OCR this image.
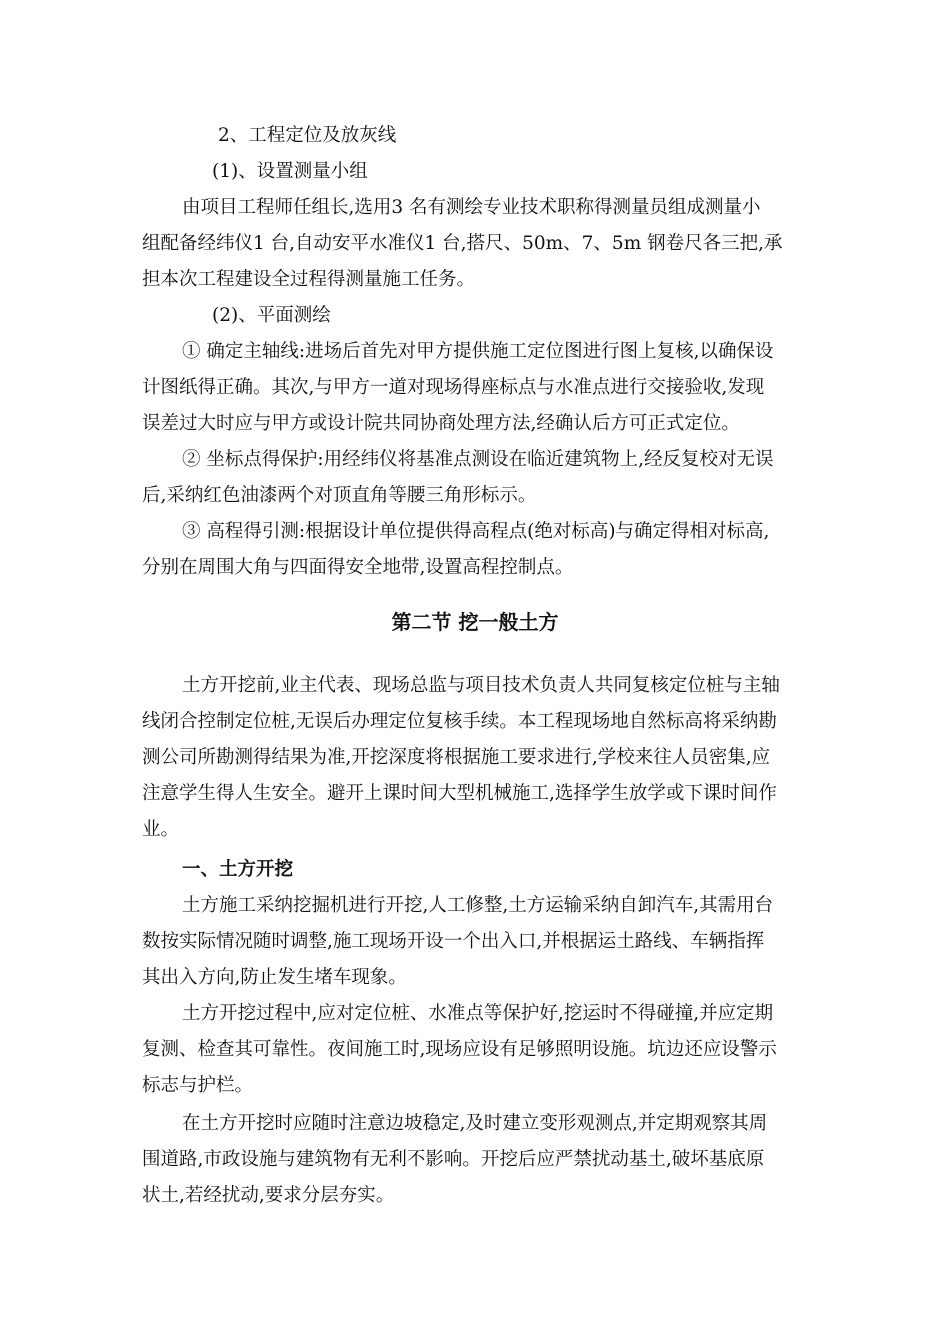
2、工程定位及放灰线
(1)、设置测量小组
由项目工程师任组长,选用3 名有测绘专业技术职称得测量员组成测量小
组配备经纬仪1 台,自动安平水准仪1 台,搭尺、50m、7、5m 钢卷尺各三把,承
担本次工程建设全过程得测量施工任务。
(2)、平面测绘
① 确定主轴线:进场后首先对甲方提供施工定位图进行图上复核,以确保设
计图纸得正确。其次,与甲方一道对现场得座标点与水准点进行交接验收,发现
误差过大时应与甲方或设计院共同协商处理方法,经确认后方可正式定位。
② 坐标点得保护:用经纬仪将基准点测设在临近建筑物上,经反复校对无误
后,采纳红色油漆两个对顶直角等腰三角形标示。
③ 高程得引测:根据设计单位提供得高程点(绝对标高)与确定得相对标高,
分别在周围大角与四面得安全地带,设置高程控制点。
第二节 挖一般土方
土方开挖前,业主代表、现场总监与项目技术负责人共同复核定位桩与主轴
线闭合控制定位桩,无误后办理定位复核手续。本工程现场地自然标高将采纳勘
测公司所勘测得结果为准,开挖深度将根据施工要求进行,学校来往人员密集,应
注意学生得人生安全。避开上课时间大型机械施工,选择学生放学或下课时间作
业。
一、土方开挖
土方施工采纳挖掘机进行开挖,人工修整,土方运输采纳自卸汽车,其需用台
数按实际情况随时调整,施工现场开设一个出入口,并根据运土路线、车辆指挥
其出入方向,防止发生堵车现象。
土方开挖过程中,应对定位桩、水准点等保护好,挖运时不得碰撞,并应定期
复测、检查其可靠性。夜间施工时,现场应设有足够照明设施。坑边还应设警示
标志与护栏。
在土方开挖时应随时注意边坡稳定,及时建立变形观测点,并定期观察其周
围道路,市政设施与建筑物有无利不影响。开挖后应严禁扰动基土,破坏基底原
状土,若经扰动,要求分层夯实。
